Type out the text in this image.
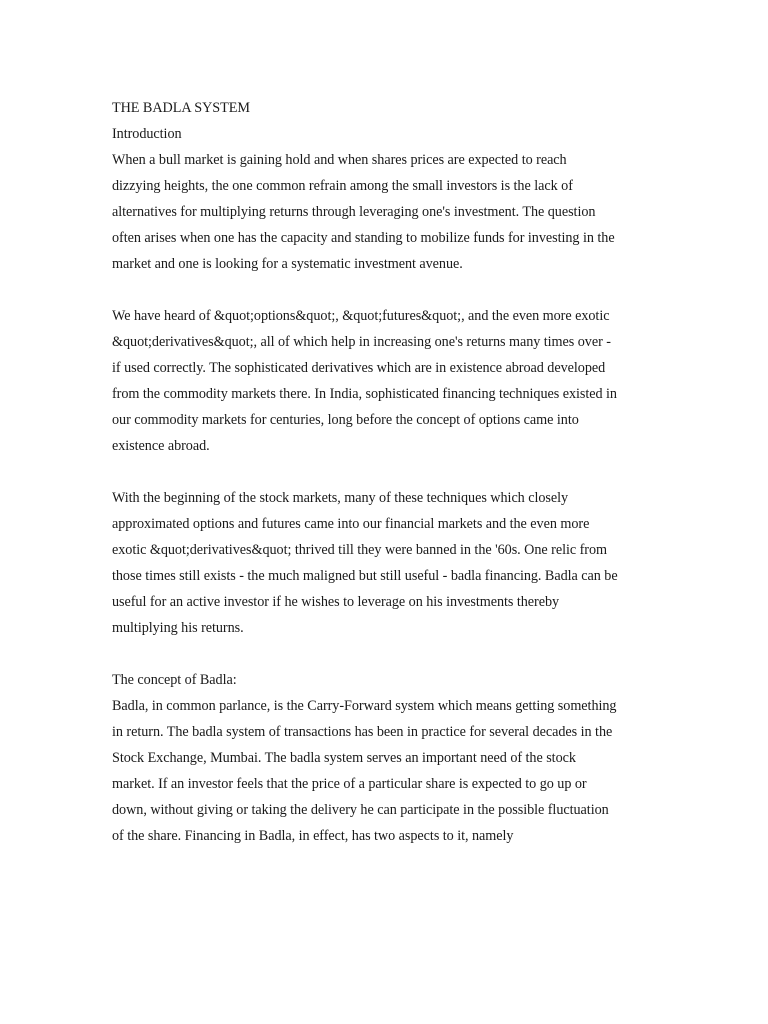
THE BADLA SYSTEM
Introduction
When a bull market is gaining hold and when shares prices are expected to reach
dizzying heights, the one common refrain among the small investors is the lack of
alternatives for multiplying returns through leveraging one's investment. The question
often arises when one has the capacity and standing to mobilize funds for investing in the
market and one is looking for a systematic investment avenue.
We have heard of &quot;options&quot;, &quot;futures&quot;, and the even more exotic
&quot;derivatives&quot;, all of which help in increasing one's returns many times over -
if used correctly. The sophisticated derivatives which are in existence abroad developed
from the commodity markets there. In India, sophisticated financing techniques existed in
our commodity markets for centuries, long before the concept of options came into
existence abroad.
With the beginning of the stock markets, many of these techniques which closely
approximated options and futures came into our financial markets and the even more
exotic &quot;derivatives&quot; thrived till they were banned in the '60s. One relic from
those times still exists - the much maligned but still useful - badla financing. Badla can be
useful for an active investor if he wishes to leverage on his investments thereby
multiplying his returns.
The concept of Badla:
Badla, in common parlance, is the Carry-Forward system which means getting something
in return. The badla system of transactions has been in practice for several decades in the
Stock Exchange, Mumbai. The badla system serves an important need of the stock
market. If an investor feels that the price of a particular share is expected to go up or
down, without giving or taking the delivery he can participate in the possible fluctuation
of the share. Financing in Badla, in effect, has two aspects to it, namely
